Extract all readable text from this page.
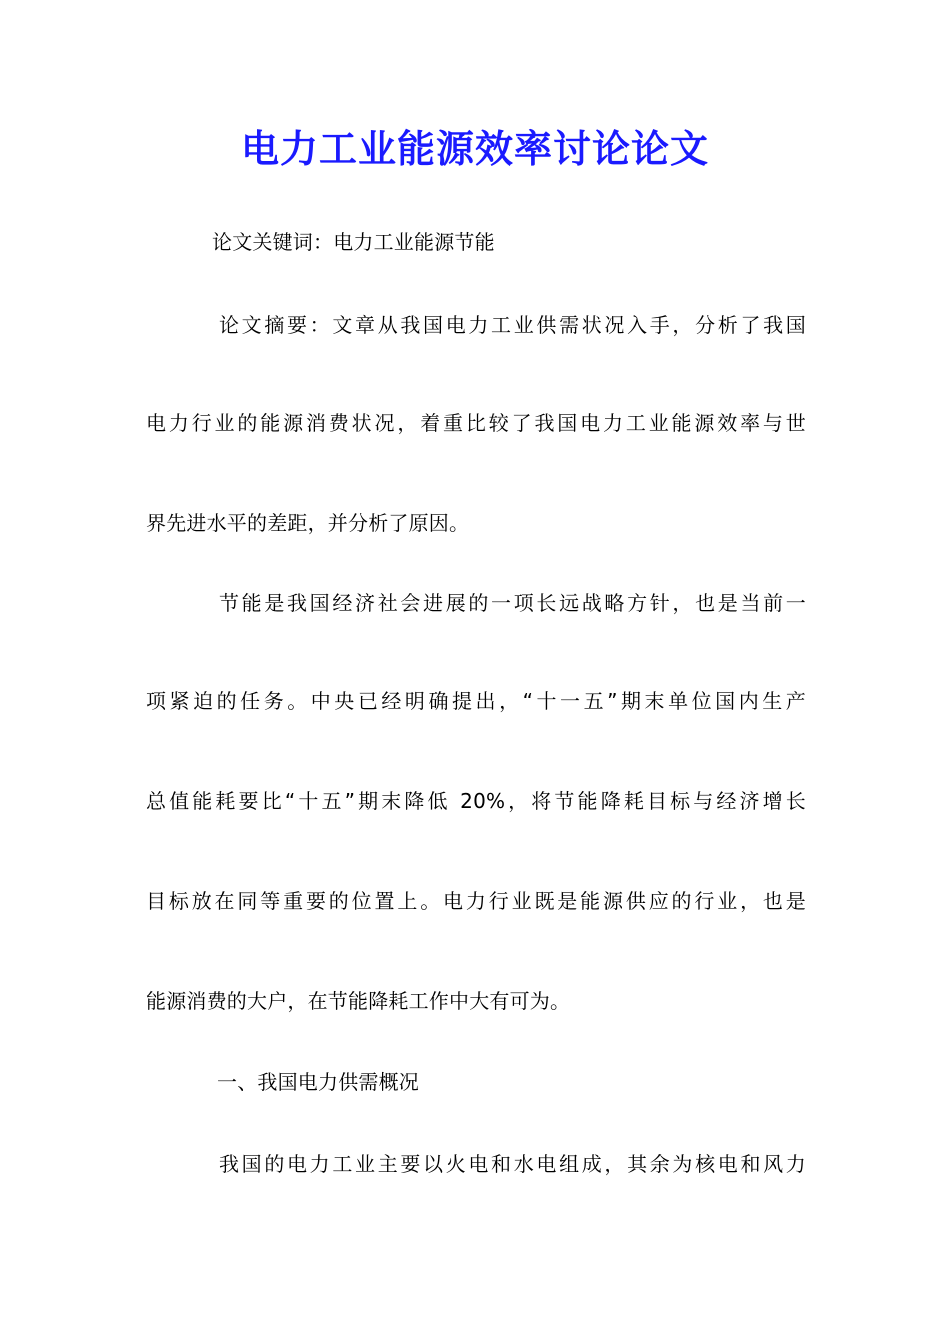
电力工业能源效率讨论论文
论文关键词：电力工业能源节能
论文摘要：文章从我国电力工业供需状况入手，分析了我国
电力行业的能源消费状况，着重比较了我国电力工业能源效率与世
界先进水平的差距，并分析了原因。
节能是我国经济社会进展的一项长远战略方针，也是当前一
项紧迫的任务。中央已经明确提出，“十一五”期末单位国内生产
总值能耗要比“十五”期末降低 20%，将节能降耗目标与经济增长
目标放在同等重要的位置上。电力行业既是能源供应的行业，也是
能源消费的大户，在节能降耗工作中大有可为。
一、我国电力供需概况
我国的电力工业主要以火电和水电组成，其余为核电和风力
